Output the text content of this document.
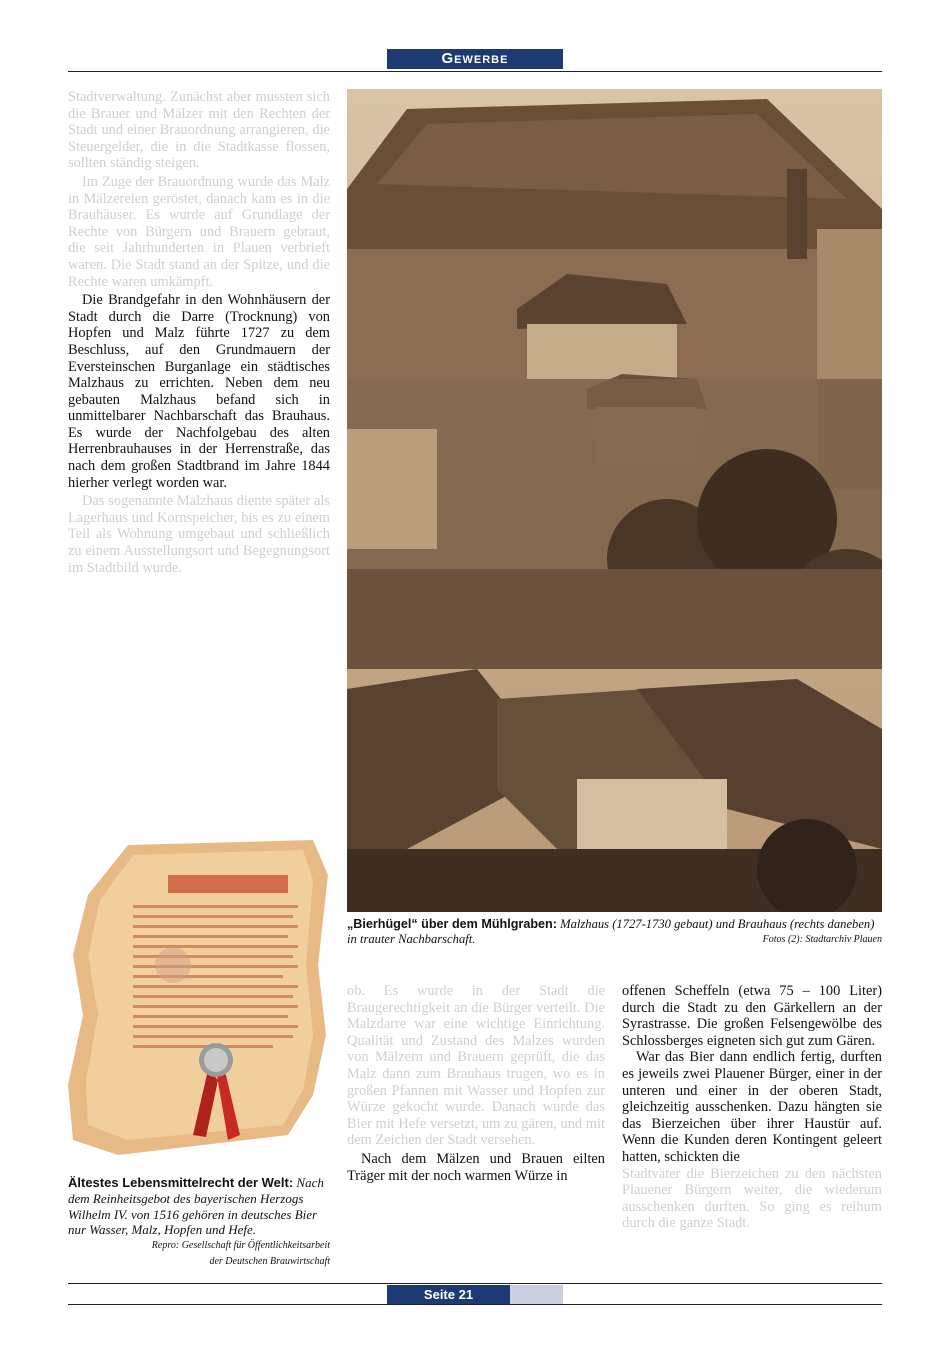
Gewerbe

Stadtverwaltung. Zunächst aber mussten sich die Brauer und Mälzer mit den Rechten der Stadt und einer Brauordnung arrangieren, die Steuergelder, die in die Stadtkasse flossen, sollten ständig steigen.

Im Zuge der Brauordnung wurde das Malz in Mälzereien geröstet, danach kam es in die Brauhäuser. Es wurde auf Grundlage der Rechte von Bürgern und Brauern gebraut, die seit Jahrhunderten in Plauen verbrieft waren. Die Stadt stand an der Spitze, und die Rechte waren umkämpft.

Die Brandgefahr in den Wohnhäusern der Stadt durch die Darre (Trocknung) von Hopfen und Malz führte 1727 zu dem Beschluss, auf den Grundmauern der Eversteinschen Burganlage ein städtisches Malzhaus zu errichten. Neben dem neu gebauten Malzhaus befand sich in unmittelbarer Nachbarschaft das Brauhaus. Es wurde der Nachfolgebau des alten Herrenbrauhauses in der Herrenstraße, das nach dem großen Stadtbrand im Jahre 1844 hierher verlegt worden war.

Das sogenannte Malzhaus diente später als Lagerhaus und Kornspeicher, bis es zu einem Teil als Wohnung umgebaut und schließlich zu einem Ausstellungsort und Begegnungsort im Stadtbild wurde.

„Bierhügel“ über dem Mühlgraben: Malzhaus (1727-1730 gebaut) und Brauhaus (rechts daneben) in trauter Nachbarschaft.	Fotos (2): Stadtarchiv Plauen
Ältestes Lebensmittelrecht der Welt: Nach dem Reinheitsgebot des bayerischen Herzogs Wilhelm IV. von 1516 gehören in deutsches Bier nur Wasser, Malz, Hopfen und Hefe.
Repro: Gesellschaft für Öffentlichkeitsarbeit
der Deutschen Brauwirtschaft

ob. Es wurde in der Stadt die Braugerechtigkeit an die Bürger verteilt. Die Malzdarre war eine wichtige Einrichtung. Qualität und Zustand des Malzes wurden von Mälzern und Brauern geprüft, die das Malz dann zum Brauhaus trugen, wo es in großen Pfannen mit Wasser und Hopfen zur Würze gekocht wurde. Danach wurde das Bier mit Hefe versetzt, um zu gären, und mit dem Zeichen der Stadt versehen.

Nach dem Mälzen und Brauen eilten Träger mit der noch warmen Würze in

offenen Scheffeln (etwa 75 – 100 Liter) durch die Stadt zu den Gärkellern an der Syrastrasse. Die großen Felsengewölbe des Schlossberges eigneten sich gut zum Gären.

War das Bier dann endlich fertig, durften es jeweils zwei Plauener Bürger, einer in der unteren und einer in der oberen Stadt, gleichzeitig ausschenken. Dazu hängten sie das Bierzeichen über ihrer Haustür auf. Wenn die Kunden deren Kontingent geleert hatten, schickten die

Stadtväter die Bierzeichen zu den nächsten Plauener Bürgern weiter, die wiederum ausschenken durften. So ging es reihum durch die ganze Stadt.

Seite 21
